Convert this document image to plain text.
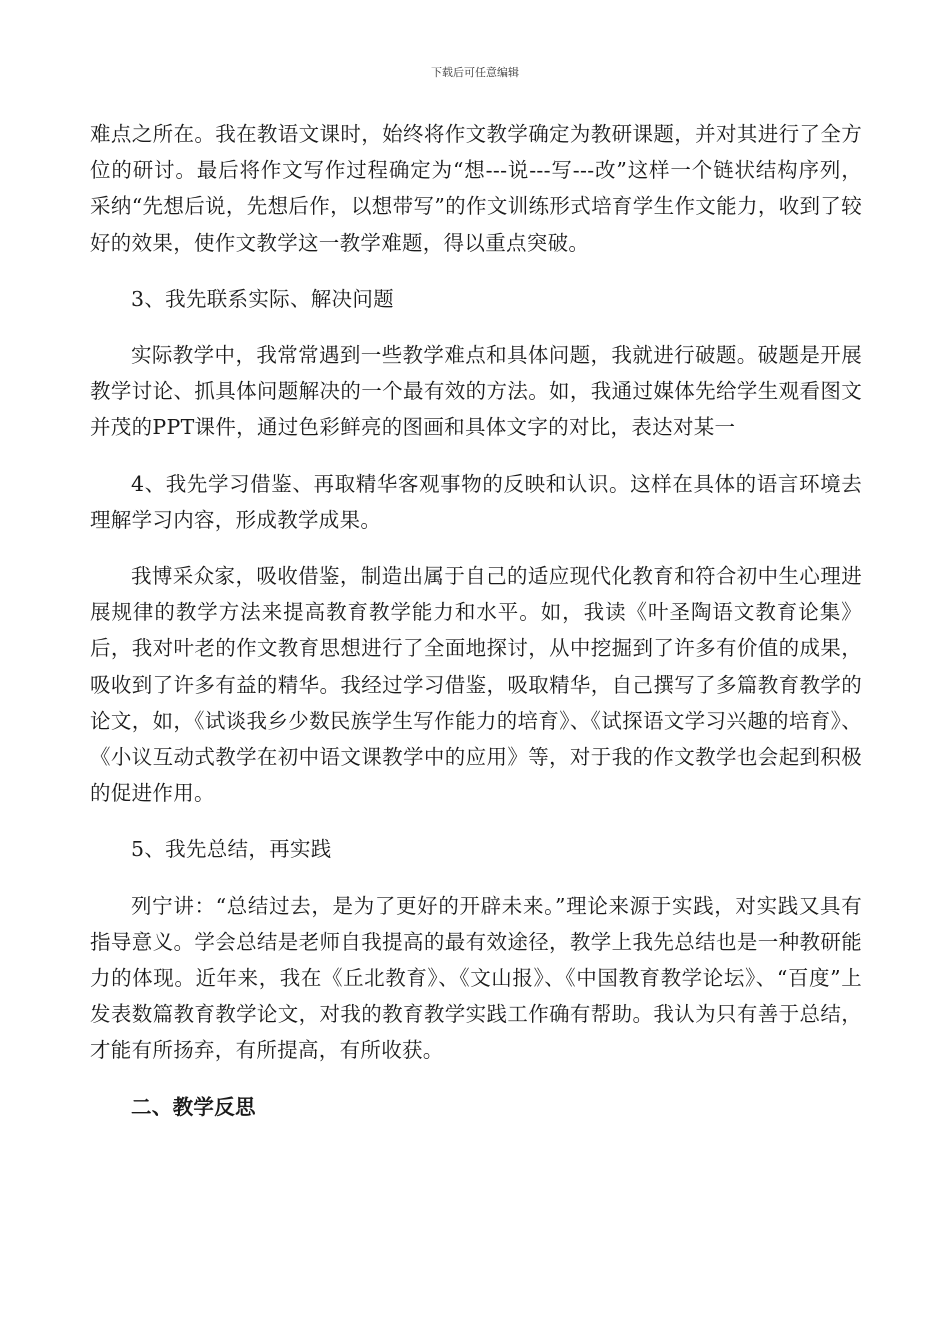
下载后可任意编辑

难点之所在。我在教语文课时，始终将作文教学确定为教研课题，并对其进行了全方位的研讨。最后将作文写作过程确定为“想---说---写---改”这样一个链状结构序列，采纳“先想后说，先想后作，以想带写”的作文训练形式培育学生作文能力，收到了较好的效果，使作文教学这一教学难题，得以重点突破。

3、我先联系实际、解决问题

实际教学中，我常常遇到一些教学难点和具体问题，我就进行破题。破题是开展教学讨论、抓具体问题解决的一个最有效的方法。如，我通过媒体先给学生观看图文并茂的PPT课件，通过色彩鲜亮的图画和具体文字的对比，表达对某一

4、我先学习借鉴、再取精华客观事物的反映和认识。这样在具体的语言环境去理解学习内容，形成教学成果。

我博采众家，吸收借鉴，制造出属于自己的适应现代化教育和符合初中生心理进展规律的教学方法来提高教育教学能力和水平。如，我读《叶圣陶语文教育论集》后，我对叶老的作文教育思想进行了全面地探讨，从中挖掘到了许多有价值的成果，吸收到了许多有益的精华。我经过学习借鉴，吸取精华，自己撰写了多篇教育教学的论文，如，《试谈我乡少数民族学生写作能力的培育》、《试探语文学习兴趣的培育》、《小议互动式教学在初中语文课教学中的应用》等，对于我的作文教学也会起到积极的促进作用。

5、我先总结，再实践

列宁讲：“总结过去，是为了更好的开辟未来。”理论来源于实践，对实践又具有指导意义。学会总结是老师自我提高的最有效途径，教学上我先总结也是一种教研能力的体现。近年来，我在《丘北教育》、《文山报》、《中国教育教学论坛》、“百度”上发表数篇教育教学论文，对我的教育教学实践工作确有帮助。我认为只有善于总结，才能有所扬弃，有所提高，有所收获。

二、教学反思
